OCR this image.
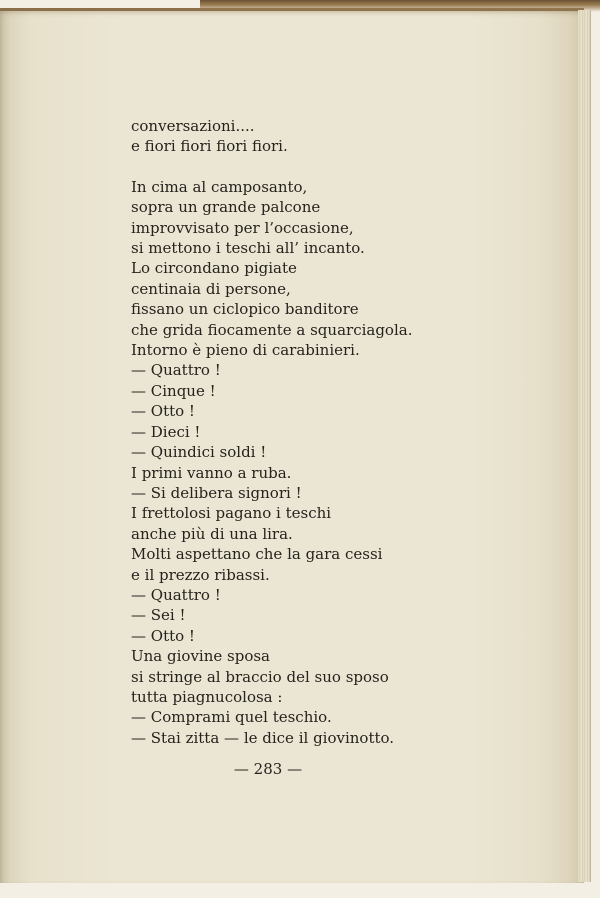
conversazioni....
e fiori fiori fiori fiori.
In cima al camposanto,
sopra un grande palcone
improvvisato per l’occasione,
si mettono i teschi all’ incanto.
Lo circondano pigiate
centinaia di persone,
fissano un ciclopico banditore
che grida fiocamente a squarciagola.
Intorno è pieno di carabinieri.
— Quattro !
— Cinque !
— Otto !
— Dieci !
— Quindici soldi !
I primi vanno a ruba.
— Si delibera signori !
I frettolosi pagano i teschi
anche più di una lira.
Molti aspettano che la gara cessi
e il prezzo ribassi.
— Quattro !
— Sei !
— Otto !
Una giovine sposa
si stringe al braccio del suo sposo
tutta piagnucolosa :
— Comprami quel teschio.
— Stai zitta — le dice il giovinotto.
— 283 —
